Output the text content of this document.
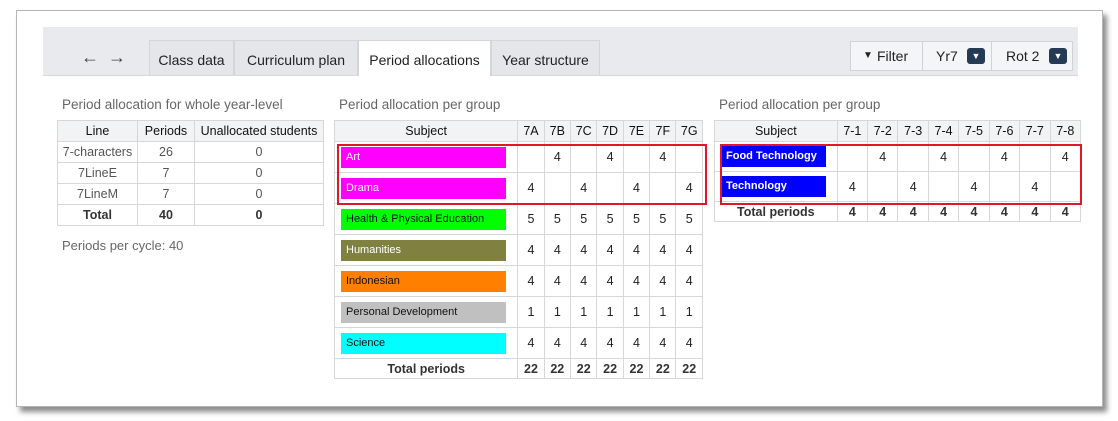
← →	Class data	Curriculum plan	Period allocations	Year structure	▼ Filter Yr7	▼	Rot 2	▼
Period allocation for whole year-level
Line	Periods	Unallocated students
7-characters	26	0
7LineE	7	0
7LineM	7	0
Total	40	0
Periods per cycle: 40
Period allocation per group
Subject	7A	7B	7C	7D	7E	7F	7G
Art		4		4		4	
Drama	4		4		4		4
Health & Physical Education	5	5	5	5	5	5	5
Humanities	4	4	4	4	4	4	4
Indonesian	4	4	4	4	4	4	4
Personal Development	1	1	1	1	1	1	1
Science	4	4	4	4	4	4	4
Total periods	22	22	22	22	22	22	22
Period allocation per group
Subject	7-1	7-2	7-3	7-4	7-5	7-6	7-7	7-8
Food Technology		4		4		4		4
Technology	4		4		4		4	
Total periods	4	4	4	4	4	4	4	4
